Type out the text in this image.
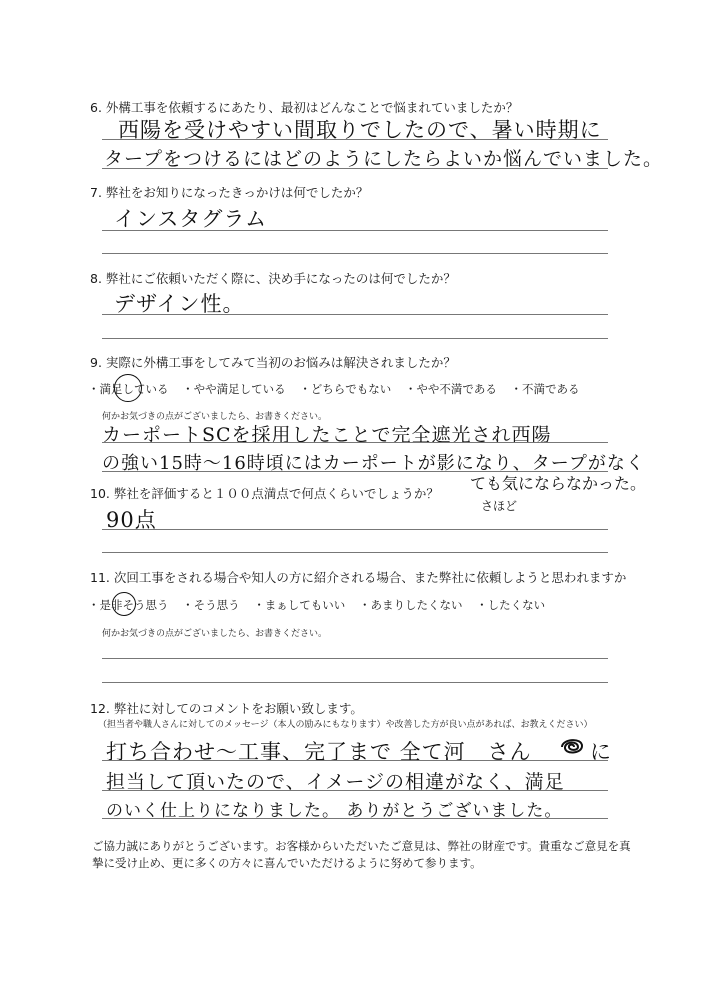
6. 外構工事を依頼するにあたり、最初はどんなことで悩まれていましたか？
西陽を受けやすい間取りでしたので、暑い時期に
タープをつけるにはどのようにしたらよいか悩んでいました。
7. 弊社をお知りになったきっかけは何でしたか？
インスタグラム
8. 弊社にご依頼いただく際に、決め手になったのは何でしたか？
デザイン性。
9. 実際に外構工事をしてみて当初のお悩みは解決されましたか？
・満足している ・やや満足している ・どちらでもない ・やや不満である ・不満である
何かお気づきの点がございましたら、お書きください。
カーポートSCを採用したことで完全遮光され西陽
の強い15時〜16時頃にはカーポートが影になり、タープがなく
ても気にならなかった。
さほど
10. 弊社を評価すると１００点満点で何点くらいでしょうか？
90点
11. 次回工事をされる場合や知人の方に紹介される場合、また弊社に依頼しようと思われますか
・是非そう思う ・そう思う ・まぁしてもいい ・あまりしたくない ・したくない
何かお気づきの点がございましたら、お書きください。
12. 弊社に対してのコメントをお願い致します。
（担当者や職人さんに対してのメッセージ（本人の励みにもなります）や改善した方が良い点があれば、お教えください）
打ち合わせ〜工事、完了まで 全て河　さん	に
担当して頂いたので、イメージの相違がなく、満足
のいく仕上りになりました。 ありがとうございました。
ご協力誠にありがとうございます。お客様からいただいたご意見は、弊社の財産です。貴重なご意見を真摯に受け止め、更に多くの方々に喜んでいただけるように努めて参ります。
